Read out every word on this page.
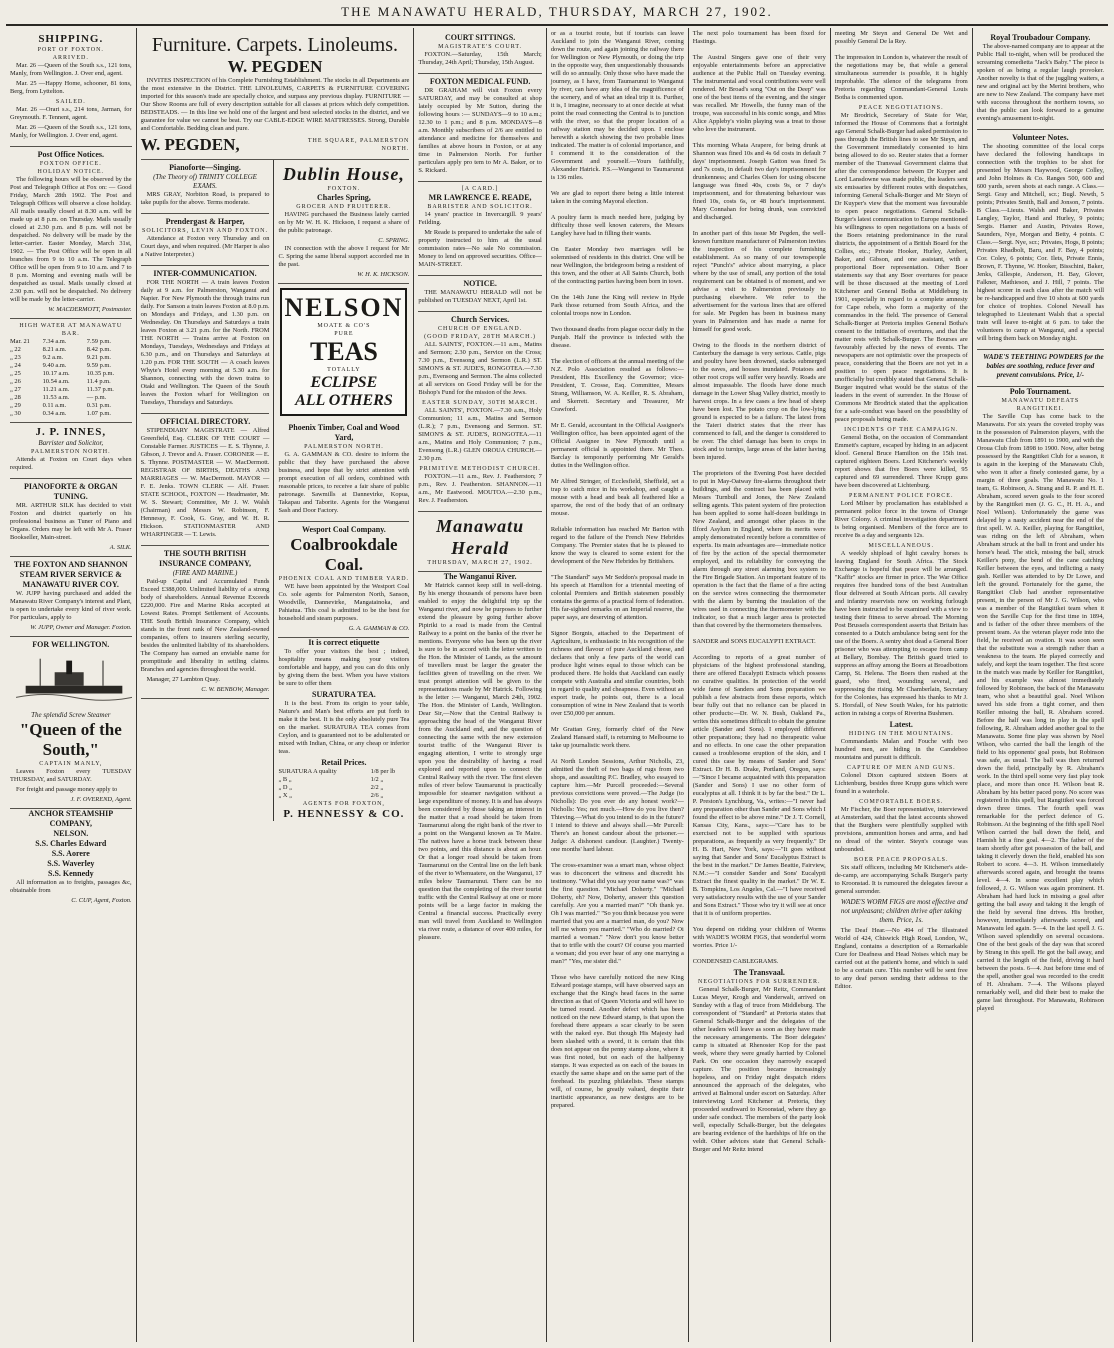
THE MANAWATU HERALD, THURSDAY, MARCH 27, 1902.
SHIPPING.
PORT OF FOXTON.
ARRIVED.

Mar. 26 —Queen of the South s.s., 121 tons, Manly, from Wellington. J. Over end, agent.

Mar. 25 —Happy Home, schooner, 81 tons, Berg, from Lyttelton.

SAILED.

Mar. 26 —Orari s.s., 214 tons, Jarman, for Greymouth. F. Tennent, agent.

Mar. 26 —Queen of the South s.s., 121 tons, Manly, for Wellington. J. Over end, agent.

Post Office Notices.
FOXTON OFFICE.
HOLIDAY NOTICE.

The following hours will be observed by the Post and Telegraph Office at Fox on: — Good Friday, March 28th 1902. The Post and Telegraph Offices will observe a close holiday. All mails usually closed at 8.30 a.m. will be made up at 8 p.m. on Thursday. Mails usually closed at 2.30 p.m. and 8 p.m. will not be despatched. No delivery will be made by the letter-carrier. Easter Monday, March 31st, 1902. — The Post Office will be open in all branches from 9 to 10 a.m. The Telegraph Office will be open from 9 to 10 a.m. and 7 to 8 p.m. Morning and evening mails will be despatched as usual. Mails usually closed at 2.30 p.m. will not be despatched. No delivery will be made by the letter-carrier.

W. MACDERMOTT, Postmaster.
HIGH WATER AT MANAWATU BAR.
Mar. 21	7.34 a.m.	7.59 p.m.
„ 22	8.21 a.m.	8.42 p.m.
„ 23	9.2 a.m.	9.21 p.m.
„ 24	9.40 a.m.	9.59 p.m.
„ 25	10.17 a.m.	10.35 p.m.
„ 26	10.54 a.m.	11.4 p.m.
„ 27	11.21 a.m.	11.37 p.m.
„ 28	11.53 a.m.	— p.m.
„ 29	0.11 a.m.	0.31 p.m.
„ 30	0.34 a.m.	1.07 p.m.
J. P. INNES,
Barrister and Solicitor,
PALMERSTON NORTH.

Attends at Foxton on Court days when required.

PIANOFORTE & ORGAN TUNING.

MR. ARTHUR SILK has decided to visit Foxton and district quarterly on his professional business as Tuner of Piano and Organs. Orders may be left with Mr A. Fraser Bookseller, Main-street.

A. SILK.
THE FOXTON AND SHANNON STEAM RIVER SERVICE & MANAWATU RIVER COY.

W. JUPP having purchased and added the Manawatu River Company's interest and Plant, is open to undertake every kind of river work. For particulars, apply to

W. JUPP, Owner and Manager. Foxton.
FOR WELLINGTON.
The splendid Screw Steamer
"Queen of the South,"
CAPTAIN MANLY,

Leaves Foxton every TUESDAY THURSDAY, and SATURDAY.

For freight and passage money apply to

J. F. OVEREND, Agent.
ANCHOR STEAMSHIP COMPANY,
NELSON.
S.S. Charles Edward
S.S. Aorere
S.S. Waverley
S.S. Kennedy

All information as to freights, passages &c, obtainable from

C. CUP, Agent, Foxton.
Furniture. Carpets. Linoleums.
W. PEGDEN

INVITES INSPECTION of his Complete Furnishing Establishment. The stocks in all Departments are the most extensive in the District. THE LINOLEUMS, CARPETS & FURNITURE COVERING imported for this season's trade are specially choice, and surpass any previous display. FURNITURE — Our Show Rooms are full of every description suitable for all classes at prices which defy competition. BEDSTEADS. — In this line we hold one of the largest and best selected stocks in the district, and we guarantee for value we cannot be beat. Try our CABLE-EDGE WIRE MATTRESSES. Strong, Durable and Comfortable. Bedding clean and pure.

W. PEGDEN,	THE SQUARE, PALMERSTON NORTH.
Pianoforte—Singing.
(The Theory of) TRINITY COLLEGE EXAMS.

MRS GRAY, Norbiton Road, is prepared to take pupils for the above. Terms moderate.

Prendergast & Harper,
SOLICITORS, LEVIN AND FOXTON.

Attendance at Foxton very Thursday and on Court days, and when required. (Mr Harper is also a Native Interpreter.)

INTER-COMMUNICATION.

FOR THE NORTH — A train leaves Foxton daily at 9 a.m. for Palmerston, Wanganui and Napier. For New Plymouth the through trains run daily. For Sanson a train leaves Foxton at 8.0 p.m. on Mondays and Fridays, and 1.30 p.m. on Wednesday. On Thursdays and Saturdays a train leaves Foxton at 3.21 p.m. for the North. FROM THE NORTH — Trains arrive at Foxton on Mondays, Tuesdays, Wednesdays and Fridays at 6.30 p.m., and on Thursdays and Saturdays at 1.20 p.m. FOR THE SOUTH — A coach leaves Whyte's Hotel every morning at 5.30 a.m. for Shannon, connecting with the down trains to Otaki and Wellington. The Queen of the South leaves the Foxton wharf for Wellington on Tuesdays, Thursdays and Saturdays.

OFFICIAL DIRECTORY.

STIPENDIARY MAGISTRATE — Alfred Greenfield, Esq. CLERK OF THE COURT — Constable Farmer. JUSTICES — E. S. Thynne, J. Gibson, J. Trevor and A. Fraser. CORONER — E. S. Thynne. POSTMASTER — W. MacDermott. REGISTRAR OF BIRTHS, DEATHS AND MARRIAGES — W. MacDermott. MAYOR — F. E. Jenks. TOWN CLERK — Alf. Fraser. STATE SCHOOL, FOXTON — Headmaster, Mr. W. S. Stewart; Committee, Mr J. W. Walsh (Chairman) and Messrs W. Robinson, F. Hennessy, F. Cook, G. Gray, and W. H. R. Hickson. STATIONMASTER AND WHARFINGER — T. Lewis.

THE SOUTH BRITISH INSURANCE COMPANY,
(FIRE AND MARINE.)

Paid-up Capital and Accumulated Funds Exceed £388,000. Unlimited liability of a strong body of shareholders. Annual Revenue Exceeds £220,000. Fire and Marine Risks accepted at Lowest Rates. Prompt Settlement of Accounts. THE South British Insurance Company, which stands in the front rank of New Zealand-owned companies, offers to insurers sterling security, besides the unlimited liability of its shareholders. The Company has earned an enviable name for promptitude and liberality in settling claims. Branches and agencies throughout the world.

Manager, 27 Lambton Quay.

C. W. BENBOW, Manager.
Dublin House,
FOXTON.
Charles Spring,
GROCER AND FRUITERER.

HAVING purchased the Business lately carried on by Mr W. H. K. Hickson, I request a share of the public patronage.

C. SPRING.

IN connection with the above I request for Mr C. Spring the same liberal support accorded me in the past.

W. H. K. HICKSON.
NELSON
MOATE & CO'S
PURE
TEAS
TOTALLY
ECLIPSE
ALL OTHERS
Phoenix Timber, Coal and Wood Yard,
PALMERSTON NORTH.

G. A. GAMMAN & CO. desire to inform the public that they have purchased the above business, and hope that by strict attention with prompt execution of all orders, combined with reasonable prices, to receive a fair share of public patronage. Sawmills at Dannevirke, Kopua, Takapau and Taborite. Agents for the Wanganui Sash and Door Factory.

Wesport Coal Company.
Coalbrookdale Coal.
PHOENIX COAL AND TIMBER YARD.

WE have been appointed by the Westport Coal Co. sole agents for Palmerston North, Sanson, Woodville, Dannevirke, Mangatainoka, and Pahiatua. This coal is admitted to be the best for household and steam purposes.

G. A. GAMMAN & CO.
It is correct etiquette

To offer your visitors the best ; indeed, hospitality means making your visitors comfortable and happy, and you can do this only by giving them the best. When you have visitors be sure to offer them

SURATURA TEA.

It is the best. From its origin to your table, Nature's and Man's best efforts are put forth to make it the best. It is the only absolutely pure Tea on the market. SURATURA TEA comes from Ceylon, and is guaranteed not to be adulterated or mixed with Indian, China, or any cheap or inferior teas.

Retail Prices.
SURATURA A quality	1/8 per lb
„ B „	1/2 „
„ D „	2/2 „
„ X „	2/6 „
AGENTS FOR FOXTON,
P. HENNESSY & CO.
COURT SITTINGS.
MAGISTRATE'S COURT.

FOXTON.—Saturday, 15th March; Thursday, 24th April; Thursday, 15th August.

FOXTON MEDICAL FUND.

DR GRAHAM will visit Foxton every SATURDAY, and may be consulted at shop lately occupied by Mr Sutton, during the following hours :— SUNDAYS—9 to 10 a.m.; 12.30 to 1 p.m.; and 8 p.m. MONDAYS—8 a.m. Monthly subscribers of 2/6 are entitled to attendance and medicine for themselves and families at above hours in Foxton, or at any time in Palmerston North. For further particulars apply pro tem to Mr A. Baker, or to S. Rickard.

[A CARD.]
MR LAWRENCE E. READE,
BARRISTER AND SOLICITOR.

14 years' practice in Invercargill. 9 years' Feilding.

Mr Reade is prepared to undertake the sale of property instructed to him at the usual commission rates—No sale No commission. Money to lend on approved securities. Office—MAIN-STREET.

NOTICE.

THE MANAWATU HERALD will not be published on TUESDAY NEXT, April 1st.

Church Services.
CHURCH OF ENGLAND.
(GOOD FRIDAY, 28TH MARCH.)

ALL SAINTS', FOXTON.—11 a.m., Matins and Sermon; 2.30 p.m., Service on the Cross; 7.30 p.m., Evensong and Sermon (L.R.) ST. SIMON'S & ST. JUDE'S, RONGOTEA.—7.30 p.m., Evensong and Sermon. The alms collected at all services on Good Friday will be for the Bishop's Fund for the mission of the Jews.

EASTER SUNDAY, 30TH MARCH.

ALL SAINTS', FOXTON.—7.30 a.m., Holy Communion; 11 a.m., Matins and Sermon (L.R.); 7 p.m., Evensong and Sermon. ST. SIMON'S & ST. JUDE'S, RONGOTEA.—11 a.m., Matins and Holy Communion; 7 p.m., Evensong (L.R.) GLEN OROUA CHURCH.—2.30 p.m.

PRIMITIVE METHODIST CHURCH.

FOXTON.—11 a.m., Rev. J. Featherston; 7 p.m., Rev. J. Featherston. SHANNON.—11 a.m., Mr Eastwood. MOUTOA.—2.30 p.m., Rev. J. Featherston.

Manawatu Herald
THURSDAY, MARCH 27, 1902.
The Wanganui River.

Mr Hatrick cannot keep still in well-doing. By his energy thousands of persons have been enabled to enjoy the delightful trip up the Wanganui river, and now he purposes to further extend the pleasure by going further above Pipiriki to a road is made from the Central Railway to a point on the banks of the river he mentions. Everyone who has been up the river is sure to be in accord with the letter written to the Hon. the Minister of Lands, as the amount of travellers must be larger the greater the facilities given of travelling on the river. We trust prompt attention will be given to the representations made by Mr Hatrick. Following is the letter :— Wanganui, March 24th, 1902. The Hon. the Minister of Lands, Wellington. Dear Sir,—Now that the Central Railway is approaching the head of the Wanganui River from the Auckland end, and the question of connecting the same with the new extension tourist traffic of the Wanganui River is engaging attention, I write to strongly urge upon you the desirability of having a road explored and reported upon to connect the Central Railway with the river. The first eleven miles of river below Taumarunui is practically impossible for steamer navigation without a large expenditure of money. It is and has always been considered by those taking an interest in the matter that a road should be taken from Taumarunui along the right bank of the river to a point on the Wanganui known as Te Maire. The natives have a horse track between these two points, and this distance is about an hour. Or that a longer road should be taken from Taumarunui on the Central line on the left bank of the river to Whenuatere, on the Wanganui, 17 miles below Taumarunui. There can be no question that the completing of the river tourist traffic with the Central Railway at one or more points will be a large factor in making the Central a financial success. Practically every man will travel from Auckland to Wellington via river route, a distance of over 400 miles, for pleasure.

or as a tourist route, but if tourists can leave Auckland to join the Wanganui River, coming down the route, and again joining the railway there for Wellington or New Plymouth, or doing the trip in the opposite way, then unquestionably thousands will do so annually. Only those who have made the journey, as I have, from Taumarunui to Wanganui by river, can have any idea of the magnificence of the scenery, and of what an ideal trip it is. Further, it is, I imagine, necessary to at once decide at what point the road connecting the Central is to junction with the river, so that the proper location of a railway station may be decided upon. I enclose herewith a sketch showing the two probable lines indicated. The matter is of colonial importance, and I commend it to the consideration of the Government and yourself.—Yours faithfully, Alexander Hatrick. P.S.—Wanganui to Taumarunui is 136 miles.

We are glad to report there being a little interest taken in the coming Mayoral election.

A poultry farm is much needed here, judging by difficulty those well known caterers, the Messrs Langley have had in filling their wants.

On Easter Monday two marriages will be solemnised of residents in this district. One will be near Wellington, the bridegroom being a resident of this town, and the other at All Saints Church, both of the contracting parties having been born in town.

On the 14th June the King will review in Hyde Park those returned from South Africa, and the colonial troops now in London.

Two thousand deaths from plague occur daily in the Punjab. Half the province is infected with the disease.

The election of officers at the annual meeting of the N.Z. Polo Association resulted as follows:— President, His Excellency the Governor; vice-President, T. Crosse, Esq. Committee, Messrs Strang, Williamson, W. A. Keiller, R. S. Abraham, and Skerrett. Secretary and Treasurer, Mr Crawford.

Mr E. Gerald, accountant in the Official Assignee's Wellington office, has been appointed agent of the Official Assignee in New Plymouth until a permanent official is appointed there. Mr Theo. Barclay is temporarily performing Mr Gerald's duties in the Wellington office.

Mr Alfred Stringer, of Ecclesfield, Sheffield, set a trap to catch mice in his workshop, and caught a mouse with a head and beak all feathered like a sparrow, the rest of the body that of an ordinary mouse.

Reliable information has reached Mr Barton with regard to the failure of the French New Hebrides Company. The Premier states that he is pleased to know the way is cleared to some extent for the development of the New Hebrides by Britishers.

"The Standard" says Mr Seddon's proposal made in his speech at Hamilton for a triennial meeting of colonial Premiers and British statesmen possibly contains the germs of a practical form of federation. His far-sighted remarks on an Imperial reserve, the paper says, are deserving of attention.

Signor Borgnis, attached to the Department of Agriculture, is enthusiastic in his recognition of the richness and flavour of pure Auckland cheese, and declares that only a few parts of the world can produce light wines equal to those which can be produced there. He holds that Auckland can easily compete with Australia and similar countries, both in regard to quality and cheapness. Even without an export trade, he points out, there is a local consumption of wine in New Zealand that is worth over £50,000 per annum.

Mr Grattan Grey, formerly chief of the New Zealand Hansard staff, is returning to Melbourne to take up journalistic work there.

At North London Sessions, Arthur Nicholls, 23, admitted the theft of two bags of rugs from two shops, and assaulting P.C. Bradley, who essayed to capture him.—Mr Purcell proceeded:—Several previous convictions were proved.—The Judge (to Nicholls): Do you ever do any honest work?—Nicholls: Yes; not much.—How do you live then? Thieving.—What do you intend to do in the future? I intend to thieve and always shall.—Mr Purcell: There's an honest candour about the prisoner.—Judge: A dishonest candour. (Laughter.) Twenty-one months' hard labour.

The cross-examiner was a smart man, whose object was to disconcert the witness and discredit his testimony. "What did you say your name was?" was the first question. "Michael Doherty." "Michael Doherty, eh? Now, Doherty, answer this question carefully. Are you a married man?" "Oh thank ye. Oh I was married." "So you think because you were married that you are a married man, do you? Now tell me whom you married." "Who do married? Oi married a woman." "Now don't you know better that to trifle with the court? Of course you married a woman; did you ever hear of any one marrying a man?" "Yes, me sister did."

Those who have carefully noticed the new King Edward postage stamps, will have observed says an exchange that the King's head faces in the same direction as that of Queen Victoria and will have to be turned round. Another defect which has been noticed on the new Edward stamp, is that upon the forehead there appears a scar clearly to be seen with the naked eye. But though His Majesty had been slashed with a sword, it is certain that this does not appear on the penny stamp alone, where it was first noted, but on each of the halfpenny stamps. It was expected as on each of the issues in exactly the same shape and on the same part of the forehead. Its puzzling philatelists. These stamps will, of course, be greatly valued, despite their inartistic appearance, as new designs are to be prepared.

The next polo tournament has been fixed for Hastings.

The Austral Singers gave one of their very enjoyable entertainments before an appreciative audience at the Public Hall on Tuesday evening. The instrumental and vocal contributions were well rendered. Mr Broad's song "Out on the Deep" was one of the best items of the evening, and the singer was recalled. Mr Howells, the funny man of the troupe, was successful in his comic songs, and Miss Alice Appleby's violin playing was a treat to those who love the instrument.

This morning Whata Arapere, for being drunk at Shannon was fined 10s and 4s 6d costs in default 7 days' imprisonment. Joseph Gatton was fined 5s and 7s costs, in default two day's imprisonment for drunkenness; and Charles Olsen for using obscene language was fined 40s, costs 9s, or 7 day's imprisonment, and for threatening behaviour was fined 10s, costs 6s, or 48 hour's imprisonment. Mary Connahan for being drunk, was convicted and discharged.

In another part of this issue Mr Pegden, the well-known furniture manufacturer of Palmerston invites the inspection of his complete furnishing establishment. As so many of our townspeople reject "Punch's" advice about marrying, a place where by the use of small, any portion of the total requirement can be obtained is of moment, and we advise a visit to Palmerston previously to purchasing elsewhere. We refer to the advertisement for the various lines that are offered for sale. Mr Pegden has been in business many years in Palmerston and has made a name for himself for good work.

Owing to the floods in the northern district of Canterbury the damage is very serious. Cattle, pigs and poultry have been drowned, stacks submerged to the eaves, and houses inundated. Potatoes and other root crops will suffer very heavily. Roads are almost impassable. The floods have done much damage in the Lower Shag Valley district, mostly to harvest crops. In a few cases a few head of sheep have been lost. The potato crop on the low-lying ground is expected to be a failure. The latest from the Taieri district states that the river has commenced to fall, and the danger is considered to be over. The chief damage has been to crops in stock and to turnips, large areas of the latter having been injured.

The proprietors of the Evening Post have decided to put in May-Oatway fire-alarms throughout their buildings, and the contract has been placed with Messrs Turnbull and Jones, the New Zealand selling agents. This patent system of fire protection has been applied to some half-dozen buildings in New Zealand, and amongst other places in the Ilford Asylum in England, where its merits were amply demonstrated recently before a committee of experts. Its main advantages are—immediate notice of fire by the action of the special thermometer employed, and its reliability for conveying the alarm through any street alarming box system to the Fire Brigade Station. An important feature of its operation is the fact that the flame of a fire acting on the service wires connecting the thermometer with the alarm by burning the insulation of the wires used in connecting the thermometer with the indicator, so that a much larger area is protected than that covered by the thermometers themselves.

SANDER and SONS EUCALYPTI EXTRACT.

According to reports of a great number of physicians of the highest professional standing, there are offered Eucalypti Extracts which possess no curative qualities. In protection of the world wide fame of Sanders and Sons preparation we publish a few abstracts from these reports, which bear fully out that no reliance can be placed in other products:—Dr. W. N. Bush, Oakland Pa., writes this sometimes difficult to obtain the genuine article (Sander and Sons). I employed different other preparations; they had no therapeutic value and no effects. In one case the other preparation caused a troublesome eruption of the skin, and I cured this case by means of Sander and Sons' Extract. Dr H. B. Drake, Portland, Oregon, says:—"Since I became acquainted with this preparation (Sander and Sons) I use no other form of eucalyptus at all. I think it is by far the best." Dr L. P. Preston's Lynchburg, Va., writes:—"I never had any preparation other than Sander and Sons which I found the effect to be above mine." Dr J. T. Cornell, Kansas City, Kans., says:—"Care has to be exercised not to be supplied with spurious preparations, as frequently as very frequently." Dr H. B. Hart, New York, says:—"It goes without saying that Sander and Sons' Eucalyptus Extract is the best in the market." Dr James Beattie, Fairview, N.M.:—"I consider Sander and Sons' Eucalypti Extract the finest quality in the market." Dr W. E. B. Tompkins, Los Angeles, Cal.—"I have received very satisfactory results with the use of your Sander and Sons Extract." Those who try it will see at once that it is of uniform properties.

You depend on ridding your children of Worms with WADE'S WORM FIGS, that wonderful worm worries. Price 1/-

CONDENSED CABLEGRAMS.

The Transvaal.
NEGOTIATIONS FOR SURRENDER.

General Schalk-Burger, Mr Reitz, Commandant Lucas Meyer, Krogh and Vanderwalt, arrived on Sunday with a flag of truce from Middleburg. The correspondent of "Standard" at Pretoria states that General Schalk-Burger and the delegates of the other leaders will leave as soon as they have made the necessary arrangements. The Boer delegates' camp is situated at Rhenoster Kop for the past week, where they were greatly harried by Colonel Park. On one occasion they narrowly escaped capture. The position became increasingly hopeless, and on Friday night despatch riders announced the approach of the delegates, who arrived at Balmoral under escort on Saturday. After interviewing Lord Kitchener at Pretoria, they proceeded southward to Kroonstad, where they go under safe conduct. The members of the party look well, especially Schalk-Burger, but the delegates are bearing evidence of the hardships of life on the veldt. Other advices state that General Schalk-Burger and Mr Reitz intend

meeting Mr Steyn and General De Wet and possibly General De la Rey.

The impression in London is, whatever the result of the negotiations may be, that while a general simultaneous surrender is possible, it is highly improbable. The silence of the telegrams from Pretoria regarding Commandant-General Louis Botha is commented upon.

PEACE NEGOTIATIONS.

Mr Brodrick, Secretary of State for War, informed the House of Commons that a fortnight ago General Schalk-Burger had asked permission to pass through the British lines to see Mr Steyn, and the Government immediately consented to him being allowed to do so. Reuter states that a former member of the Transvaal Government claims that after the correspondence between Dr Kuyper and Lord Lansdowne was made public, the leaders sent six emissaries by different routes with despatches, informing General Schalk-Burger and Mr Steyn of Dr Kuyper's view that the moment was favourable to open peace negotiations. General Schalk-Burger's latest communication to Europe mentioned his willingness to open negotiations on a basis of the Boers retaining predominance in the rural districts, the appointment of a British Board for the Collies, etc.; Private Hooker, Hurley, Ambert, Baker, and Gibson, and one assistant, with a proportional Boer representation. Other Boer statements say that any Boer overtures for peace will be those discussed at the meeting of Lord Kitchener and General Botha at Middleburg in 1901, especially in regard to a complete amnesty for Cape rebels, who form a majority of the commandos in the field. The presence of General Schalk-Burger at Pretoria implies General Botha's consent to the initiation of overtures, and that the matter rests with Schalk-Burger. The Bourses are favourably affected by the news of events. The newspapers are not optimistic over the prospects of peace, considering that the Boers are not yet in a position to open peace negotiations. It is unofficially but credibly stated that General Schalk-Burger inquired what would be the status of the leaders in the event of surrender. In the House of Commons Mr Brodrick stated that the application for a safe-conduct was based on the possibility of peace proposals being made.

INCIDENTS OF THE CAMPAIGN.

General Botha, on the occasion of Commandant Emmett's capture, escaped by hiding in an adjacent kloof. General Bruce Hamilton on the 15th inst. captured eighteen Boers. Lord Kitchener's weekly report shows that five Boers were killed, 95 captured and 69 surrendered. Three Krupp guns have been discovered at Lichtenburg.

PERMANENT POLICE FORCE.

Lord Milner by proclamation has established a permanent police force in the towns of Orange River Colony. A criminal investigation department is being organised. Members of the force are to receive 8s a day and sergeants 12s.

MISCELLANEOUS.

A weekly shipload of light cavalry horses is leaving England for South Africa. The Stock Exchange is hopeful that peace will be arranged. "Kaffir" stocks are firmer in price. The War Office requires five hundred tons of the best Australian flour delivered at South African ports. All cavalry and infantry reservists now on working furlough have been instructed to be examined with a view to testing their fitness to serve abroad. The Morning Post Brussels correspondent asserts that Britain has consented to a Dutch ambulance being sent for the use of the Boers. A sentry shot dead a General Boer prisoner who was attempting to escape from camp at Bellary, Bombay. The British guard tried to suppress an affray among the Boers at Broadbottom Camp, St. Helena. The Boers then rushed at the guard, who fired, wounding several, and suppressing the rising. Mr Chamberlain, Secretary for the Colonies, has expressed his thanks to Mr J. S. Horsfall, of New South Wales, for his patriotic action in raising a corps of Riverina Bushmen.

Latest.
HIDING IN THE MOUNTAINS.

Commandants Malan and Fouche with two hundred men, are hiding in the Camdeboo mountains and pursuit is difficult.

CAPTURE OF MEN AND GUNS.

Colonel Dixon captured sixteen Boers at Lichtenburg, besides three Krupp guns which were found in a waterhole.

COMFORTABLE BOERS.

Mr Fischer, the Boer representative, interviewed at Amsterdam, said that the latest accounts showed that the Burghers were plentifully supplied with provisions, ammunition horses and arms, and had no dread of the winter. Steyn's courage was unbounded.

BOER PEACE PROPOSALS.

Six staff officers, including Mr Kitchener's aide-de-camp, are accompanying Schalk Burger's party to Kroonstad. It is rumoured the delegates favour a general surrender.

WADE'S WORM FIGS are most effective and not unpleasant; children thrive after taking them. Price, 1s.

The Deaf Hear.—No 494 of The Illustrated World of 424, Chiswick High Road, London, W., England, contains a description of a Remarkable Cure for Deafness and Head Noises which may be carried out at the patient's home, and which is said to be a certain cure. This number will be sent free to any deaf person sending their address to the Editor.

Royal Troubadour Company.

The above-named company are to appear at the Public Hall to-night, when will be produced the screaming comedietta "Jack's Baby." The piece is spoken of as being a regular laugh provoker. Another novelty is that of the juggling waiters, a new and original act by the Merini brothers, who are new to New Zealand. The company have met with success throughout the northern towns, so that the public can look forward to a genuine evening's amusement to-night.

Volunteer Notes.

The shooting committee of the local corps have declared the following handicaps in connection with the trophies to be shot for presented by Messrs Haywood, George Colley, and John Holmes & Co. Ranges 500, 600 and 600 yards, seven shots at each range. A Class.—Sergt. Gray and Mitchell, scr.; Bugl. Newth, 5 points; Privates Smith, Ball and Jonson, 7 points. B Class.—Lieuts. Walsh and Baker, Privates Langley, Taylor, Hand and Hurley, 9 points; Sergts. Hamer and Austin, Privates Rowe, Saunders, Nye, Morgan and Betty, 4 points. C Class.—Sergt. Nye, scr.; Privates, Hogs, 8 points; Privates Rhadbolt, Baru, and F. Bay, 4 points; Cor. Coley, 6 points; Cor. Ilets, Private Ennis, Brown, F. Thynne, W. Hooker, Bisschini, Baker, Jenks, Gillespie, Anderson, H. Bay, Glover, Falkner, Mathieson, and J. Hill, 7 points. The highest scorer in each class after the match will be re-handicapped and five 10 shots at 600 yards for choice of trophies. Colonel Newall has telegraphed to Lieutenant Walsh that a special train will leave to-night at 6 p.m. to take the volunteers to camp at Wanganui, and a special will bring them back on Monday night.

WADE'S TEETHING POWDERS for the babies are soothing, reduce fever and prevent convulsions. Price, 1/-

Polo Tournament.
MANAWATU DEFEATS RANGITIKEI.

The Saville Cup has come back to the Manawatu. For six years the coveted trophy was in the possession of Palmerston players, with the Manawatu Club from 1891 to 1900, and with the Oroua Club from 1898 to 1900. Now, after being possessed by the Rangitikei Club for a season, it is again in the keeping of the Manawatu Club, who won it after a finely contested game, by a margin of three goals. The Manawatu No. 1 team, G. Robinson, A. Strang and R. P. and H. E. Abraham, scored seven goals to the four scored by the Rangitikei men (J. G. C., H. H. A., and Noel Wilson). Unfortunately the game was delayed by a nasty accident near the end of the first spell. W. A. Keiller, playing for Rangitikei, was riding on the left of Abraham, when Abraham struck at the ball in front and under his horse's head. The stick, missing the ball, struck Keiller's pony, the bend of the cane catching Keiller between the eyes, and inflicting a nasty gash. Keiller was attended to by Dr Lowe, and left the ground. Fortunately for the game, the Rangitikei Club had another representative present, in the person of Mr J. G. Wilson, who was a member of the Rangitikei team when it won the Saville Cup for the first time in 1894, and is father of the other three members of the present team. As the veteran player rode into the field, he received an ovation. It was soon seen that the substitute was a strength rather than a weakness to the team. He played correctly and safely, and kept the team together. The first score in the match was made by Keiller for Rangitikei, and his example was almost immediately followed by Robinson, the back of the Manawatu team, who shot a beautiful goal. Noel Wilson saved his side from a tight corner, and then Keiller missing the ball, R. Abraham scored. Before the half was long in play in the spell following, R. Abraham added another goal to the Manawatu. Some fine play was shown by Noel Wilson, who carried the ball the length of the field to his opponents' goal posts, but Robinson was safe, as usual. The ball was then returned down the field, principally by R. Abraham's work. In the third spell some very fast play took place, and more than once H. Wilson beat R. Abraham by his better paced pony. No score was registered in this spell, but Rangitikei was forced down three times. The fourth spell was remarkable for the perfect defence of G. Robinson. At the beginning of the fifth spell Noel Wilson carried the ball down the field, and Hamish hit a fine goal. 4—2. The father of the team shortly after got possession of the ball, and taking it cleverly down the field, enabled his son Robert to score. 4—3. H. Wilson immediately afterwards scored again, and brought the teams level. 4—4. In some excellent play which followed, J. G. Wilson was again prominent. H. Abraham had hard luck in missing a goal after getting the ball away and taking it the length of the field by several fine drives. His brother, however, immediately afterwards scored, and Manawatu led again. 5—4. In the last spell J. G. Wilson saved splendidly on several occasions. One of the best goals of the day was that scored by Strang in this spell. He got the ball away, and carried it the length of the field, driving it hard between the posts. 6—4. Just before time end of the spell, another goal was recorded to the credit of H. Abraham. 7—4. The Wilsons played remarkably well, and did their best to make the game last throughout. For Manawatu, Robinson played
